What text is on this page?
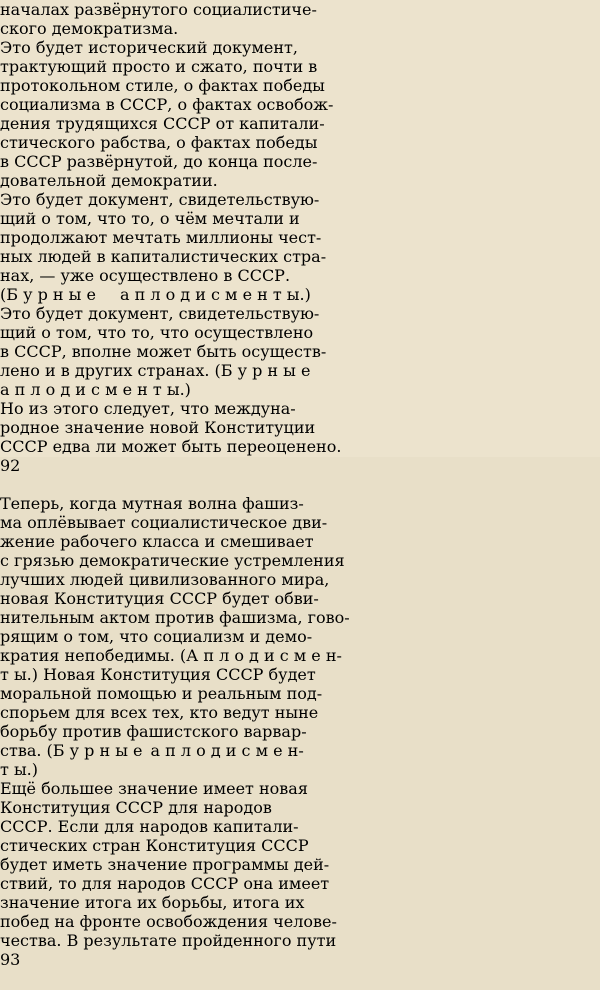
началах развёрнутого социалистиче-
ского демократизма.
Это будет исторический документ,
трактующий просто и сжато, почти в
протокольном стиле, о фактах победы
социализма в СССР, о фактах освобож-
дения трудящихся СССР от капитали-
стического рабства, о фактах победы
в СССР развёрнутой, до конца после-
довательной демократии.
Это будет документ, свидетельствую-
щий о том, что то, о чём мечтали и
продолжают мечтать миллионы чест-
ных людей в капиталистических стра-
нах, — уже осуществлено в СССР.
(Б у р н ы е  а п л о д и с м е н т ы.)
Это будет документ, свидетельствую-
щий о том, что то, что осуществлено
в СССР, вполне может быть осуществ-
лено и в других странах. (Б у р н ы е
а п л о д и с м е н т ы.)
Но из этого следует, что междуна-
родное значение новой Конституции
СССР едва ли может быть переоценено.
92
Теперь, когда мутная волна фашиз-
ма оплёвывает социалистическое дви-
жение рабочего класса и смешивает
с грязью демократические устремления
лучших людей цивилизованного мира,
новая Конституция СССР будет обви-
нительным актом против фашизма, гово-
рящим о том, что социализм и демо-
кратия непобедимы. (А п л о д и с м е н-
т ы.) Новая Конституция СССР будет
моральной помощью и реальным под-
спорьем для всех тех, кто ведут ныне
борьбу против фашистского варвар-
ства. (Б у р н ы е а п л о д и с м е н-
т ы.)
Ещё большее значение имеет новая
Конституция СССР для народов
СССР. Если для народов капитали-
стических стран Конституция СССР
будет иметь значение программы дей-
ствий, то для народов СССР она имеет
значение итога их борьбы, итога их
побед на фронте освобождения челове-
чества. В результате пройденного пути
93
